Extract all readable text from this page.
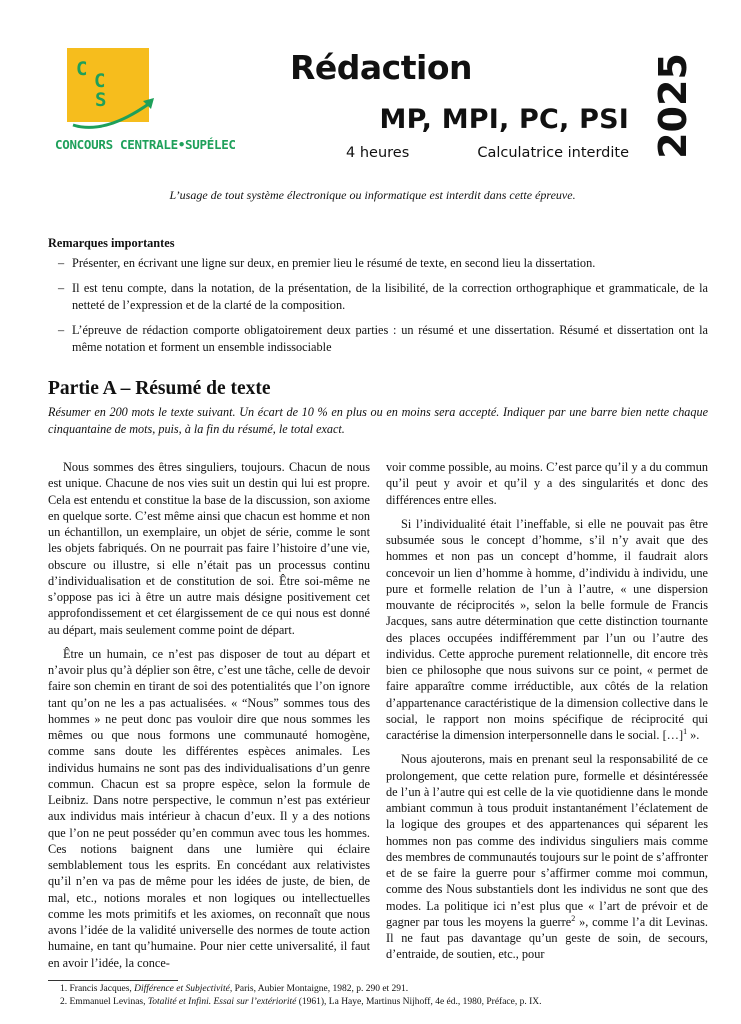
C
C
S
CONCOURS CENTRALE•SUPÉLEC
Rédaction
MP, MPI, PC, PSI
4 heures	Calculatrice interdite 2025
L’usage de tout système électronique ou informatique est interdit dans cette épreuve.
Remarques importantes
– Présenter, en écrivant une ligne sur deux, en premier lieu le résumé de texte, en second lieu la dissertation.
– Il est tenu compte, dans la notation, de la présentation, de la lisibilité, de la correction orthographique et grammaticale, de la netteté de l’expression et de la clarté de la composition.
– L’épreuve de rédaction comporte obligatoirement deux parties : un résumé et une dissertation. Résumé et dissertation ont la même notation et forment un ensemble indissociable
Partie A – Résumé de texte

Résumer en 200 mots le texte suivant. Un écart de 10 % en plus ou en moins sera accepté. Indiquer par une barre bien nette chaque cinquantaine de mots, puis, à la fin du résumé, le total exact.

Nous sommes des êtres singuliers, toujours. Chacun de nous est unique. Chacune de nos vies suit un destin qui lui est propre. Cela est entendu et constitue la base de la discussion, son axiome en quelque sorte. C’est même ainsi que chacun est homme et non un échantillon, un exemplaire, un objet de série, comme le sont les objets fabriqués. On ne pourrait pas faire l’histoire d’une vie, obscure ou illustre, si elle n’était pas un processus continu d’individualisation et de constitution de soi. Être soi-même ne s’oppose pas ici à être un autre mais désigne positivement cet approfondissement et cet élargissement de ce qui nous est donné au départ, mais seulement comme point de départ.

Être un humain, ce n’est pas disposer de tout au départ et n’avoir plus qu’à déplier son être, c’est une tâche, celle de devoir faire son chemin en tirant de soi des potentialités que l’on ignore tant qu’on ne les a pas actualisées. « “Nous” sommes tous des hommes » ne peut donc pas vouloir dire que nous sommes les mêmes ou que nous formons une communauté homogène, comme sans doute les différentes espèces animales. Les individus humains ne sont pas des individualisations d’un genre commun. Chacun est sa propre espèce, selon la formule de Leibniz. Dans notre perspective, le commun n’est pas extérieur aux individus mais intérieur à chacun d’eux. Il y a des notions que l’on ne peut posséder qu’en commun avec tous les hommes. Ces notions baignent dans une lumière qui éclaire semblablement tous les esprits. En concédant aux relativistes qu’il n’en va pas de même pour les idées de juste, de bien, de mal, etc., notions morales et non logiques ou intellectuelles comme les mots primitifs et les axiomes, on reconnaît que nous avons l’idée de la validité universelle des normes de toute action humaine, en tant qu’humaine. Pour nier cette universalité, il faut en avoir l’idée, la conce-

voir comme possible, au moins. C’est parce qu’il y a du commun qu’il peut y avoir et qu’il y a des singularités et donc des différences entre elles.

Si l’individualité était l’ineffable, si elle ne pouvait pas être subsumée sous le concept d’homme, s’il n’y avait que des hommes et non pas un concept d’homme, il faudrait alors concevoir un lien d’homme à homme, d’individu à individu, une pure et formelle relation de l’un à l’autre, « une dispersion mouvante de réciprocités », selon la belle formule de Francis Jacques, sans autre détermination que cette distinction tournante des places occupées indifféremment par l’un ou l’autre des individus. Cette approche purement relationnelle, dit encore très bien ce philosophe que nous suivons sur ce point, « permet de faire apparaître comme irréductible, aux côtés de la relation d’appartenance caractéristique de la dimension collective dans le social, le rapport non moins spécifique de réciprocité qui caractérise la dimension interpersonnelle dans le social. […]$^1$ ».

Nous ajouterons, mais en prenant seul la responsabilité de ce prolongement, que cette relation pure, formelle et désintéressée de l’un à l’autre qui est celle de la vie quotidienne dans le monde ambiant commun à tous produit instantanément l’éclatement de la logique des groupes et des appartenances qui séparent les hommes non pas comme des individus singuliers mais comme des membres de communautés toujours sur le point de s’affronter et de se faire la guerre pour s’affirmer comme moi commun, comme des Nous substantiels dont les individus ne sont que des modes. La politique ici n’est plus que « l’art de prévoir et de gagner par tous les moyens la guerre$^2$ », comme l’a dit Levinas. Il ne faut pas davantage qu’un geste de soin, de secours, d’entraide, de soutien, etc., pour

1. Francis Jacques, Différence et Subjectivité, Paris, Aubier Montaigne, 1982, p. 290 et 291.
2. Emmanuel Levinas, Totalité et Infini. Essai sur l’extériorité (1961), La Haye, Martinus Nijhoff, 4e éd., 1980, Préface, p. IX.
